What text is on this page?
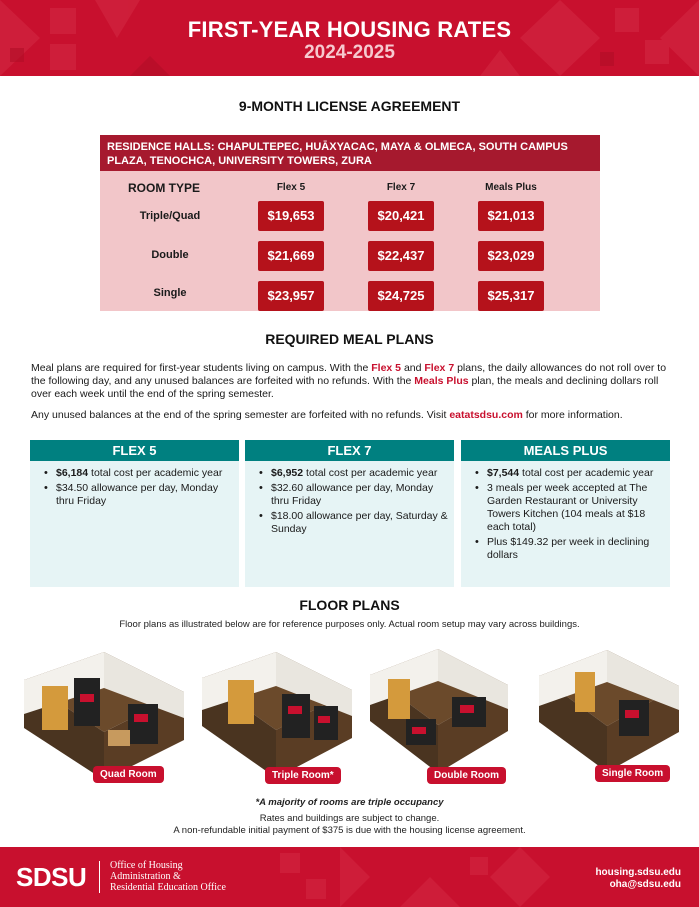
FIRST-YEAR HOUSING RATES
2024-2025
9-MONTH LICENSE AGREEMENT
RESIDENCE HALLS: CHAPULTEPEC, HUĀXYACAC, MAYA & OLMECA, SOUTH CAMPUS PLAZA, TENOCHCA, UNIVERSITY TOWERS, ZURA
ROOM TYPE	Flex 5	Flex 7	Meals Plus
Triple/Quad	$19,653	$20,421	$21,013
Double	$21,669	$22,437	$23,029
Single	$23,957	$24,725	$25,317
REQUIRED MEAL PLANS
Meal plans are required for first-year students living on campus. With the Flex 5 and Flex 7 plans, the daily allowances do not roll over to the following day, and any unused balances are forfeited with no refunds. With the Meals Plus plan, the meals and declining dollars roll over each week until the end of the spring semester.
Any unused balances at the end of the spring semester are forfeited with no refunds. Visit eatatsdsu.com for more information.
FLEX 5
• $6,184 total cost per academic year
• $34.50 allowance per day, Monday thru Friday
FLEX 7
• $6,952 total cost per academic year
• $32.60 allowance per day, Monday thru Friday
• $18.00 allowance per day, Saturday & Sunday
MEALS PLUS
• $7,544 total cost per academic year
• 3 meals per week accepted at The Garden Restaurant or University Towers Kitchen (104 meals at $18 each total)
• Plus $149.32 per week in declining dollars
FLOOR PLANS
Floor plans as illustrated below are for reference purposes only. Actual room setup may vary across buildings.
Quad Room	Triple Room*	Double Room	Single Room
*A majority of rooms are triple occupancy
Rates and buildings are subject to change.
A non-refundable initial payment of $375 is due with the housing license agreement.
SDSU Office of Housing
Administration &
Residential Education Office
housing.sdsu.edu
oha@sdsu.edu
